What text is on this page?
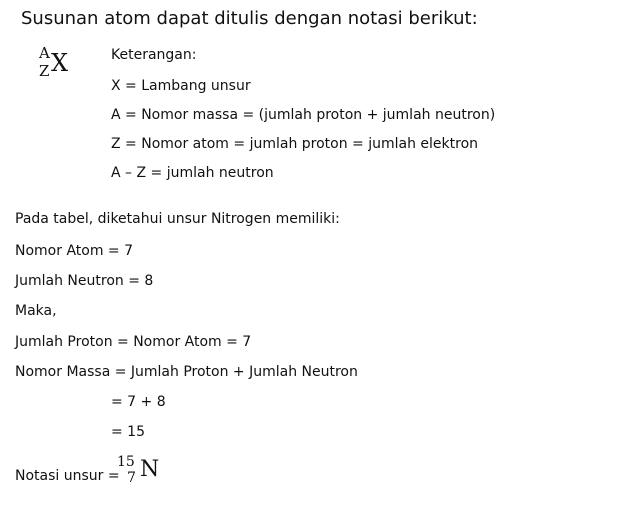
Susunan atom dapat ditulis dengan notasi berikut:
A
Z X	Keterangan:
X = Lambang unsur
A = Nomor massa = (jumlah proton + jumlah neutron)
Z = Nomor atom = jumlah proton = jumlah elektron
A – Z = jumlah neutron
Pada tabel, diketahui unsur Nitrogen memiliki:
Nomor Atom = 7
Jumlah Neutron = 8
Maka,
Jumlah Proton = Nomor Atom = 7
Nomor Massa = Jumlah Proton + Jumlah Neutron
= 7 + 8
= 15
Notasi unsur =
15
7 N
